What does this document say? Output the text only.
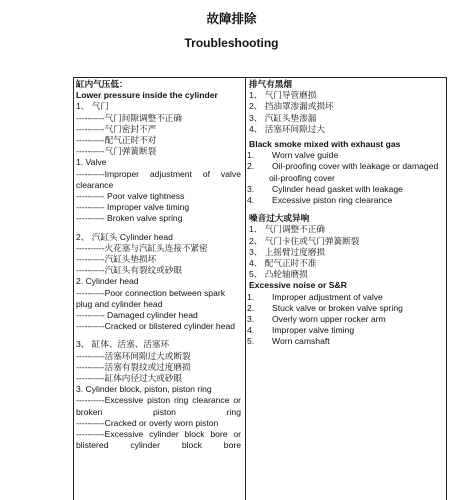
故障排除
Troubleshooting
缸内气压低：
Lower pressure inside the cylinder
1、 气门
----------气门间隙调整不正确
----------气门密封不严
----------配气正时不对
----------气门弹簧断裂
1. Valve
----------Improper adjustment of valve
clearance
---------- Poor valve tightness
---------- Improper valve timing
---------- Broken valve spring
2、 汽缸头 Cylinder head
----------火花塞与汽缸头连接不紧密
----------汽缸头垫损坏
----------汽缸头有裂纹或砂眼
2. Cylinder head
----------Poor connection between spark plug and cylinder head
---------- Damaged cylinder head
----------Cracked or blistered cylinder head
3、 缸体、活塞、活塞环
----------活塞环间隙过大或断裂
----------活塞有裂纹或过度磨损
----------缸体内径过大或砂眼
3. Cylinder block, piston, piston ring
----------Excessive piston ring clearance or broken piston ring
----------Cracked or overly worn piston
----------Excessive cylinder block bore or blistered cylinder block bore
排气有黑烟
1、 气门导管磨损
2、 挡油罩渗漏或损坏
3、 汽缸头垫渗漏
4、 活塞环间隙过大
Black smoke mixed with exhaust gas
1. Worn valve guide
2. Oil-proofing cover with leakage or damaged oil-proofing cover
3. Cylinder head gasket with leakage
4. Excessive piston ring clearance
噪音过大或异响
1、 气门调整不正确
2、 气门卡住或气门弹簧断裂
3、 上摇臂过度磨损
4、 配气正时不准
5、 凸轮轴磨损
Excessive noise or S&R
1. Improper adjustment of valve
2. Stuck valve or broken valve spring
3. Overly worn upper rocker arm
4. Improper valve timing
5. Worn camshaft
